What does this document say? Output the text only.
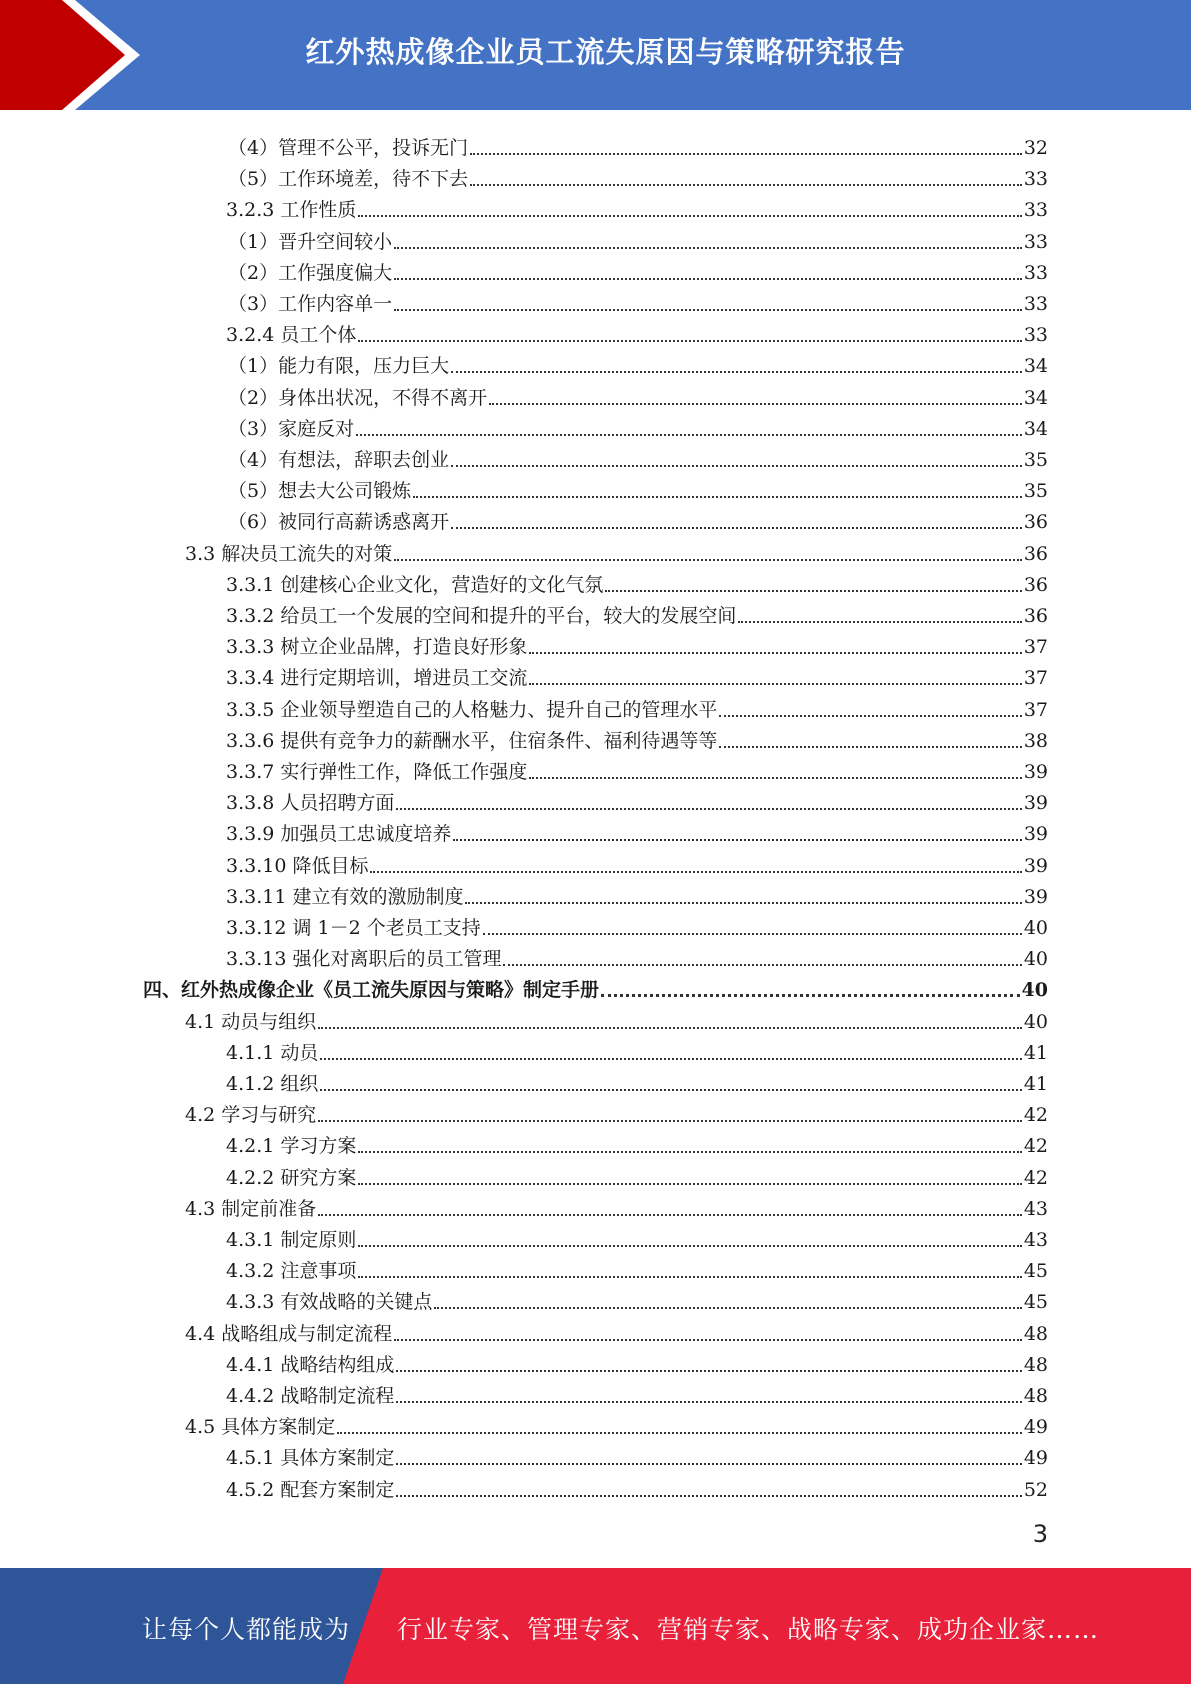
红外热成像企业员工流失原因与策略研究报告
（4）管理不公平，投诉无门	32
（5）工作环境差，待不下去	33
3.2.3 工作性质	33
（1）晋升空间较小	33
（2）工作强度偏大	33
（3）工作内容单一	33
3.2.4 员工个体	33
（1）能力有限，压力巨大	34
（2）身体出状况，不得不离开	34
（3）家庭反对	34
（4）有想法，辞职去创业	35
（5）想去大公司锻炼	35
（6）被同行高薪诱惑离开	36
3.3 解决员工流失的对策	36
3.3.1 创建核心企业文化，营造好的文化气氛	36
3.3.2 给员工一个发展的空间和提升的平台，较大的发展空间	36
3.3.3 树立企业品牌，打造良好形象	37
3.3.4 进行定期培训，增进员工交流	37
3.3.5 企业领导塑造自己的人格魅力、提升自己的管理水平	37
3.3.6 提供有竞争力的薪酬水平，住宿条件、福利待遇等等	38
3.3.7 实行弹性工作，降低工作强度	39
3.3.8 人员招聘方面	39
3.3.9 加强员工忠诚度培养	39
3.3.10 降低目标	39
3.3.11 建立有效的激励制度	39
3.3.12 调 1－2 个老员工支持	40
3.3.13 强化对离职后的员工管理	40
四、红外热成像企业《员工流失原因与策略》制定手册	40
4.1 动员与组织	40
4.1.1 动员	41
4.1.2 组织	41
4.2 学习与研究	42
4.2.1 学习方案	42
4.2.2 研究方案	42
4.3 制定前准备	43
4.3.1 制定原则	43
4.3.2 注意事项	45
4.3.3 有效战略的关键点	45
4.4 战略组成与制定流程	48
4.4.1 战略结构组成	48
4.4.2 战略制定流程	48
4.5 具体方案制定	49
4.5.1 具体方案制定	49
4.5.2 配套方案制定	52
3
让每个人都能成为 行业专家、管理专家、营销专家、战略专家、成功企业家……
